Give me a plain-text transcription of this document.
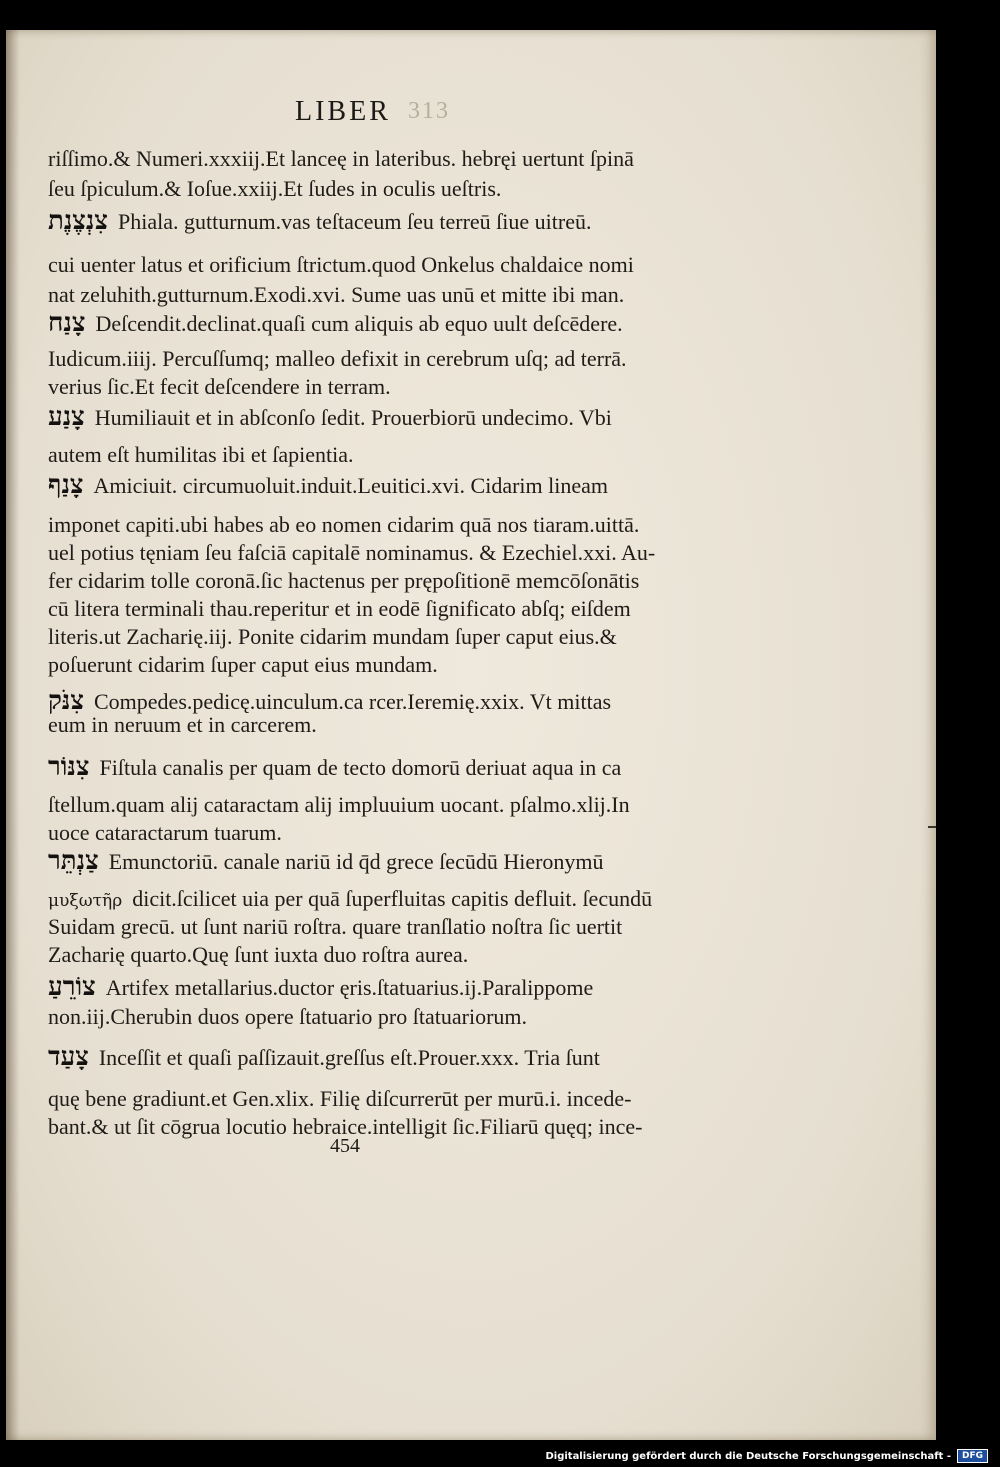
LIBER 313
riſſimo.& Numeri.xxxiij.Et lanceę in lateribus. hebręi uertunt ſpinā
ſeu ſpiculum.& Ioſue.xxiij.Et ſudes in oculis ueſtris.
צִנְצֶנֶת Phiala. gutturnum.vas teſtaceum ſeu terreū ſiue uitreū.
cui uenter latus et orificium ſtrictum.quod Onkelus chaldaice nomi
nat zeluhith.gutturnum.Exodi.xvi. Sume uas unū et mitte ibi man.
צָנַח Deſcendit.declinat.quaſi cum aliquis ab equo uult deſcēdere.
Iudicum.iiij. Percuſſumq; malleo defixit in cerebrum uſq; ad terrā.
verius ſic.Et fecit deſcendere in terram.
צָנַע Humiliauit et in abſconſo ſedit. Prouerbiorū undecimo. Vbi
autem eſt humilitas ibi et ſapientia.
צָנַף Amiciuit. circumuoluit.induit.Leuitici.xvi. Cidarim lineam
imponet capiti.ubi habes ab eo nomen cidarim quā nos tiaram.uittā.
uel potius tęniam ſeu faſciā capitalē nominamus. & Ezechiel.xxi. Au-
fer cidarim tolle coronā.ſic hactenus per prępoſitionē memcōſonātis
cū litera terminali thau.reperitur et in eodē ſignificato abſq; eiſdem
literis.ut Zacharię.iij. Ponite cidarim mundam ſuper caput eius.&
poſuerunt cidarim ſuper caput eius mundam.
צִנֹּק Compedes.pedicę.uinculum.ca rcer.Ieremię.xxix. Vt mittas
eum in neruum et in carcerem.
צִנּוֹר Fiſtula canalis per quam de tecto domorū deriuat aqua in ca
ſtellum.quam alij cataractam alij impluuium uocant. pſalmo.xlij.In
uoce cataractarum tuarum.
צַנְתֵּר Emunctoriū. canale nariū id q̄d grece ſecūdū Hieronymū
μυξωτῆρ dicit.ſcilicet uia per quā ſuperfluitas capitis defluit. ſecundū
Suidam grecū. ut ſunt nariū roſtra. quare tranſlatio noſtra ſic uertit
Zacharię quarto.Quę ſunt iuxta duo roſtra aurea.
צוֹרֵעַ Artifex metallarius.ductor ęris.ſtatuarius.ij.Paralippome
non.iij.Cherubin duos opere ſtatuario pro ſtatuariorum.
צָעַד Inceſſit et quaſi paſſizauit.greſſus eſt.Prouer.xxx. Tria ſunt
quę bene gradiunt.et Gen.xlix. Filię diſcurrerūt per murū.i. incede-
bant.& ut ſit cōgrua locutio hebraice.intelligit ſic.Filiarū quęq; ince-
454
Digitalisierung gefördert durch die Deutsche Forschungsgemeinschaft -	DFG
